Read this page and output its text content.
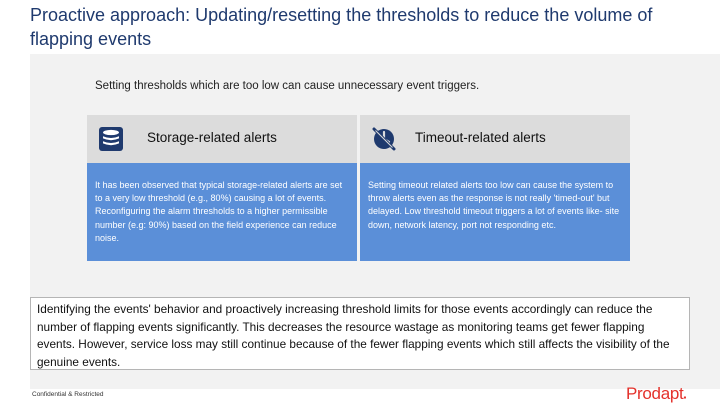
Proactive approach: Updating/resetting the thresholds to reduce the volume of flapping events
Setting thresholds which are too low can cause unnecessary event triggers.
Storage-related alerts
It has been observed that typical storage-related alerts are set to a very low threshold (e.g., 80%) causing a lot of events. Reconfiguring the alarm thresholds to a higher permissible number (e.g: 90%) based on the field experience can reduce noise.
Timeout-related alerts
Setting timeout related alerts too low can cause the system to throw alerts even as the response is not really 'timed-out' but delayed. Low threshold timeout triggers a lot of events like- site down, network latency, port not responding etc.
Identifying the events' behavior and proactively increasing threshold limits for those events accordingly can reduce the number of flapping events significantly. This decreases the resource wastage as monitoring teams get fewer flapping events. However, service loss may still continue because of the fewer flapping events which still affects the visibility of the genuine events.
Confidential & Restricted	Prodapt▪
